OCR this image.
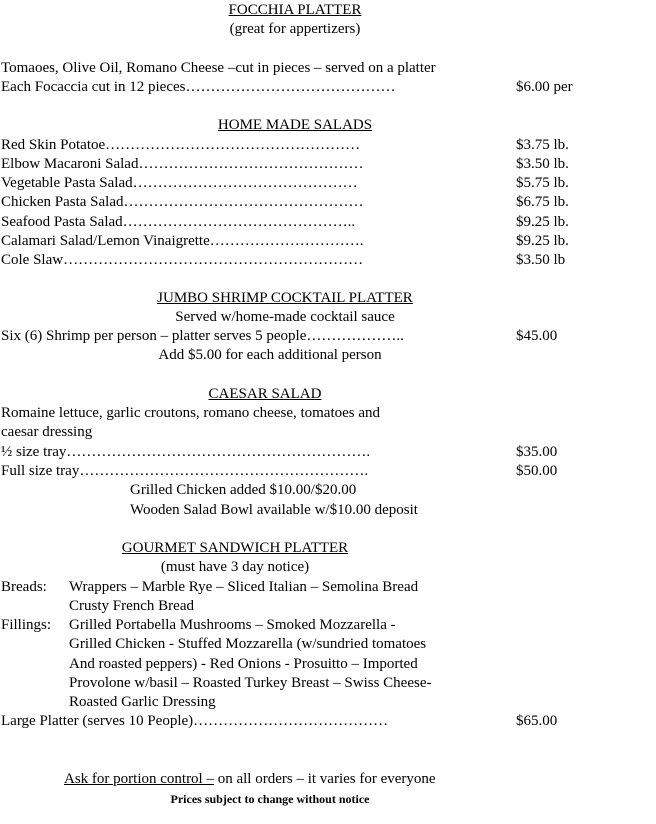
FOCCHIA PLATTER
(great for appertizers)
Tomaoes, Olive Oil, Romano Cheese –cut in pieces – served on a platter
Each Focaccia cut in 12 pieces……………………………………	$6.00 per
HOME MADE SALADS
Red Skin Potatoe……………………………………………	$3.75 lb.
Elbow Macaroni Salad………………………………………	$3.50 lb.
Vegetable Pasta Salad………………………………………	$5.75 lb.
Chicken Pasta Salad…………………………………………	$6.75 lb.
Seafood Pasta Salad………………………………………..	$9.25 lb.
Calamari Salad/Lemon Vinaigrette………………………….	$9.25 lb.
Cole Slaw……………………………………………………	$3.50 lb
JUMBO SHRIMP COCKTAIL PLATTER
Served w/home-made cocktail sauce
Six (6) Shrimp per person – platter serves 5 people………………..	$45.00
Add $5.00 for each additional person
CAESAR SALAD
Romaine lettuce, garlic croutons, romano cheese, tomatoes and
caesar dressing
½ size tray…………………………………………………….	$35.00
Full size tray………………………………………………….	$50.00
Grilled Chicken added $10.00/$20.00
Wooden Salad Bowl available w/$10.00 deposit
GOURMET SANDWICH PLATTER
(must have 3 day notice)
Breads: Wrappers – Marble Rye – Sliced Italian – Semolina Bread
Crusty French Bread
Fillings: Grilled Portabella Mushrooms – Smoked Mozzarella -
Grilled Chicken - Stuffed Mozzarella (w/sundried tomatoes
And roasted peppers) - Red Onions - Prosuitto – Imported
Provolone w/basil – Roasted Turkey Breast – Swiss Cheese-
Roasted Garlic Dressing
Large Platter (serves 10 People)…………………………………	$65.00
Ask for portion control – on all orders – it varies for everyone
Prices subject to change without notice
